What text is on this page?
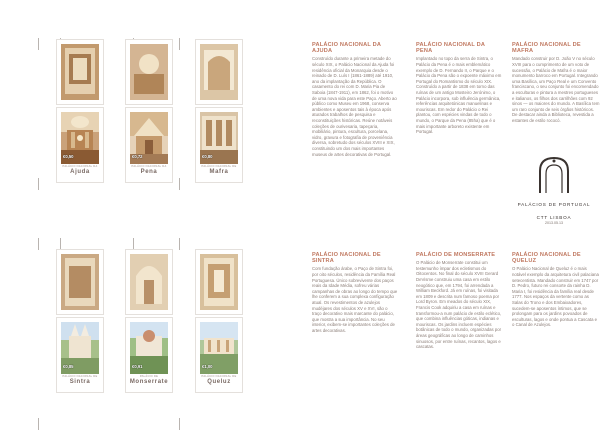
€0,50
PALÁCIO NACIONAL DA
Ajuda
€0,72
PALÁCIO NACIONAL DA
Pena
€0,80
PALÁCIO NACIONAL DE
Mafra
€0,85
PALÁCIO NACIONAL DE
Sintra
€0,91
PALÁCIO DE
Monserrate
€1,00
PALÁCIO NACIONAL DE
Queluz
PALÁCIO NACIONAL DA AJUDA

Construído durante a primeira metade do século XIX, o Palácio Nacional da Ajuda foi residência oficial da Monarquia desde o reinado de D. Luís I (1861-1889) até 1910, ano da implantação da República. O casamento do rei com D. Maria Pia de Saboia (1847-1911), em 1862, foi o motivo de uma nova vida para este Paço. Aberto ao público como Museu em 1968, conserva ambientes e aposentos tais à época após aturados trabalhos de pesquisa e reconstituições históricas. Reúne notáveis coleções de ourivesaria, tapeçaria, mobiliário, pintura, escultura, porcelana, vidro, gravura e fotografia de proveniência diversa, sobretudo dos séculos XVIII e XIX, constituindo um dos mais importantes museus de artes decorativas de Portugal.

PALÁCIO NACIONAL DA PENA

Implantado no topo da serra de Sintra, o Palácio da Pena é o mais emblemático exemplo de D. Fernando II, o Parque e o Palácio da Pena são o expoente máximo em Portugal do Romantismo do século XIX. Construído a partir de 1838 em torno das ruínas de um antigo Mosteiro Jerónimo, o Palácio incorpora, sob influência germânica, referências arquitetónicas manuelinas e mouriscas. Em redor do Palácio o Rei plantou, com espécies vindas de todo o mundo, o Parque da Pena (85ha) que é o mais importante arboreto existente em Portugal.

PALÁCIO NACIONAL DE MAFRA

Mandado construir por D. João V no século XVIII para o cumprimento de um voto de sucessão, o Palácio de Mafra é o maior monumento barroco em Portugal. Integrando uma Basílica, um Paço Real e um Convento franciscano, o seu conjunto foi encomendado a esculturas e pintura a mestres portugueses e italianos, os filhos dos carrilhões com 92 sinos — os maiores do mundo. A Basílica tem um raro conjunto de seis órgãos históricos. De destacar ainda a Biblioteca, revestida a estantes de estilo rococó.

PALÁCIO NACIONAL DE SINTRA

Com fundação árabe, o Paço de Sintra foi, por oito séculos, residência da Família Real Portuguesa. Único sobrevivente dos paços reais da Idade Média, sofreu várias campanhas de obras ao longo do tempo que lhe conferem a sua complexa configuração atual. Os revestimentos de azulejos mudéjares dos séculos XV e XVI, são o traço decorativo mais marcante do palácio, que mostra a sua importância. No seu interior, exibem-se importantes coleções de artes decorativas.

PALÁCIO DE MONSERRATE

O Palácio de Monserrate constitui um testemunho ímpar dos ecletismos do Oitocentos. No final do século XVIII Gerard DeVisme construiu uma casa em estilo neogótico que, em 1794, foi arrendada a William Beckford. Já em ruínas, foi visitada em 1809 e descrita num famoso poema por Lord Byron. Em meados do século XIX, Francis Cook adquiriu a casa em ruínas e transformou-a num palácio de estilo eclético, que combina influências góticas, indianas e mouriscas. Os jardins incluem espécies botânicas de todo o mundo, organizadas por áreas geográficas ao longo de caminhos sinuosos, por entre ruínas, recantos, lagos e cascatas.

PALÁCIO NACIONAL DE QUELUZ

O Palácio Nacional de Queluz é o mais notável exemplo da arquitetura civil palaciana setecentista. Mandado construir em 1747 por D. Pedro, futuro rei consorte da rainha D. Maria I, foi residência da família real desde 1777. Nos espaços da vertente como as Salas do Trono e dos Embaixadores, sucedem-se aposentos íntimos, que se prolongam para os jardins povoados de esculturas, lagos e onde pontua a Cascata e o Canal de Azulejos.

PALÁCIOS DE PORTUGAL
CTT LISBOA
2013.05.13
